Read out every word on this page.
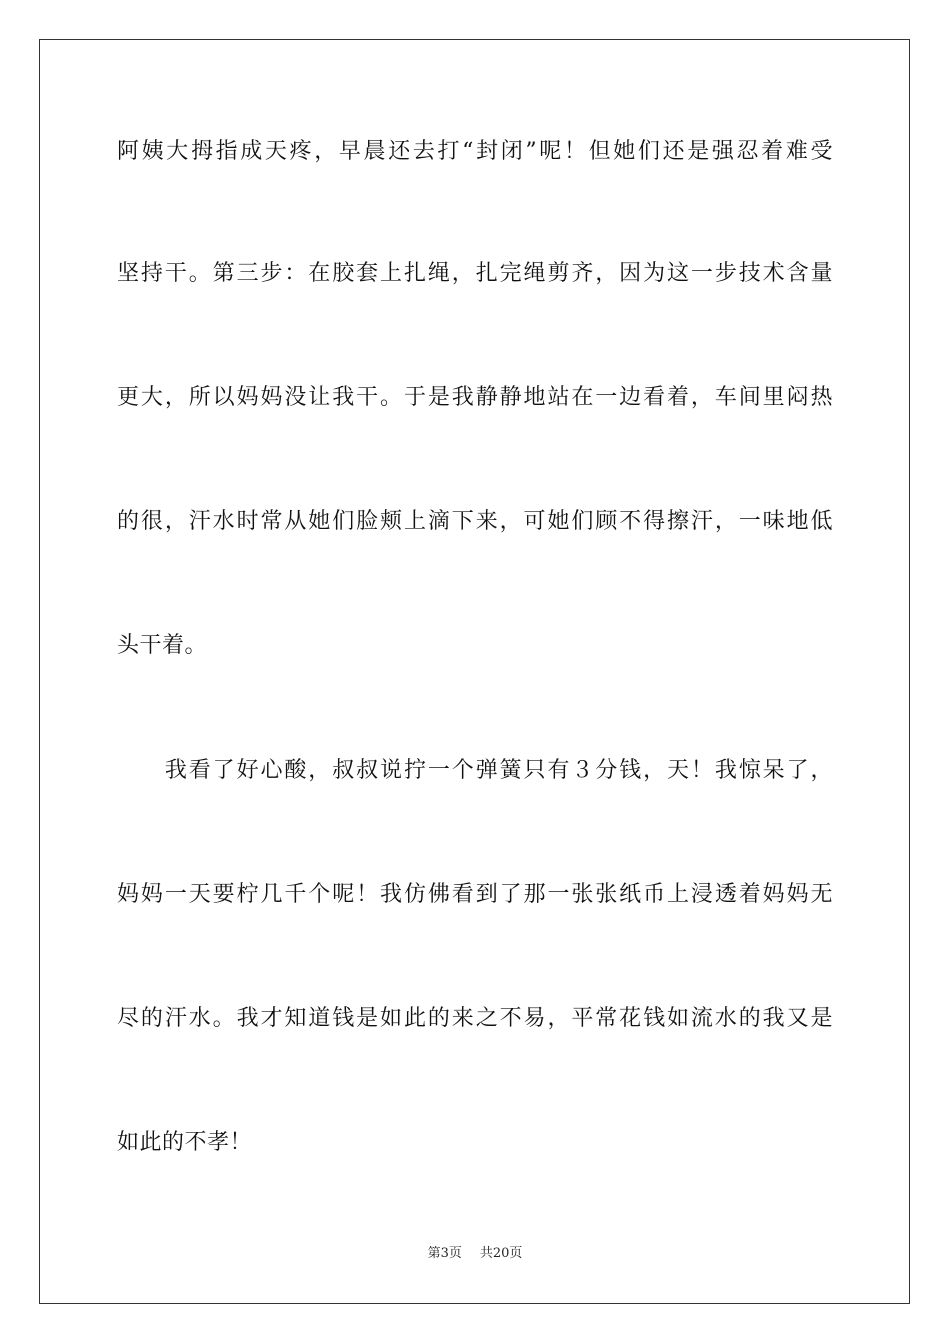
阿姨大拇指成天疼，早晨还去打“封闭”呢！但她们还是强忍着难受
坚持干。第三步：在胶套上扎绳，扎完绳剪齐，因为这一步技术含量
更大，所以妈妈没让我干。于是我静静地站在一边看着，车间里闷热
的很，汗水时常从她们脸颊上滴下来，可她们顾不得擦汗，一味地低
头干着。
　　我看了好心酸，叔叔说拧一个弹簧只有３分钱，天！我惊呆了，
妈妈一天要柠几千个呢！我仿佛看到了那一张张纸币上浸透着妈妈无
尽的汗水。我才知道钱是如此的来之不易，平常花钱如流水的我又是
如此的不孝！
第3页 共20页
